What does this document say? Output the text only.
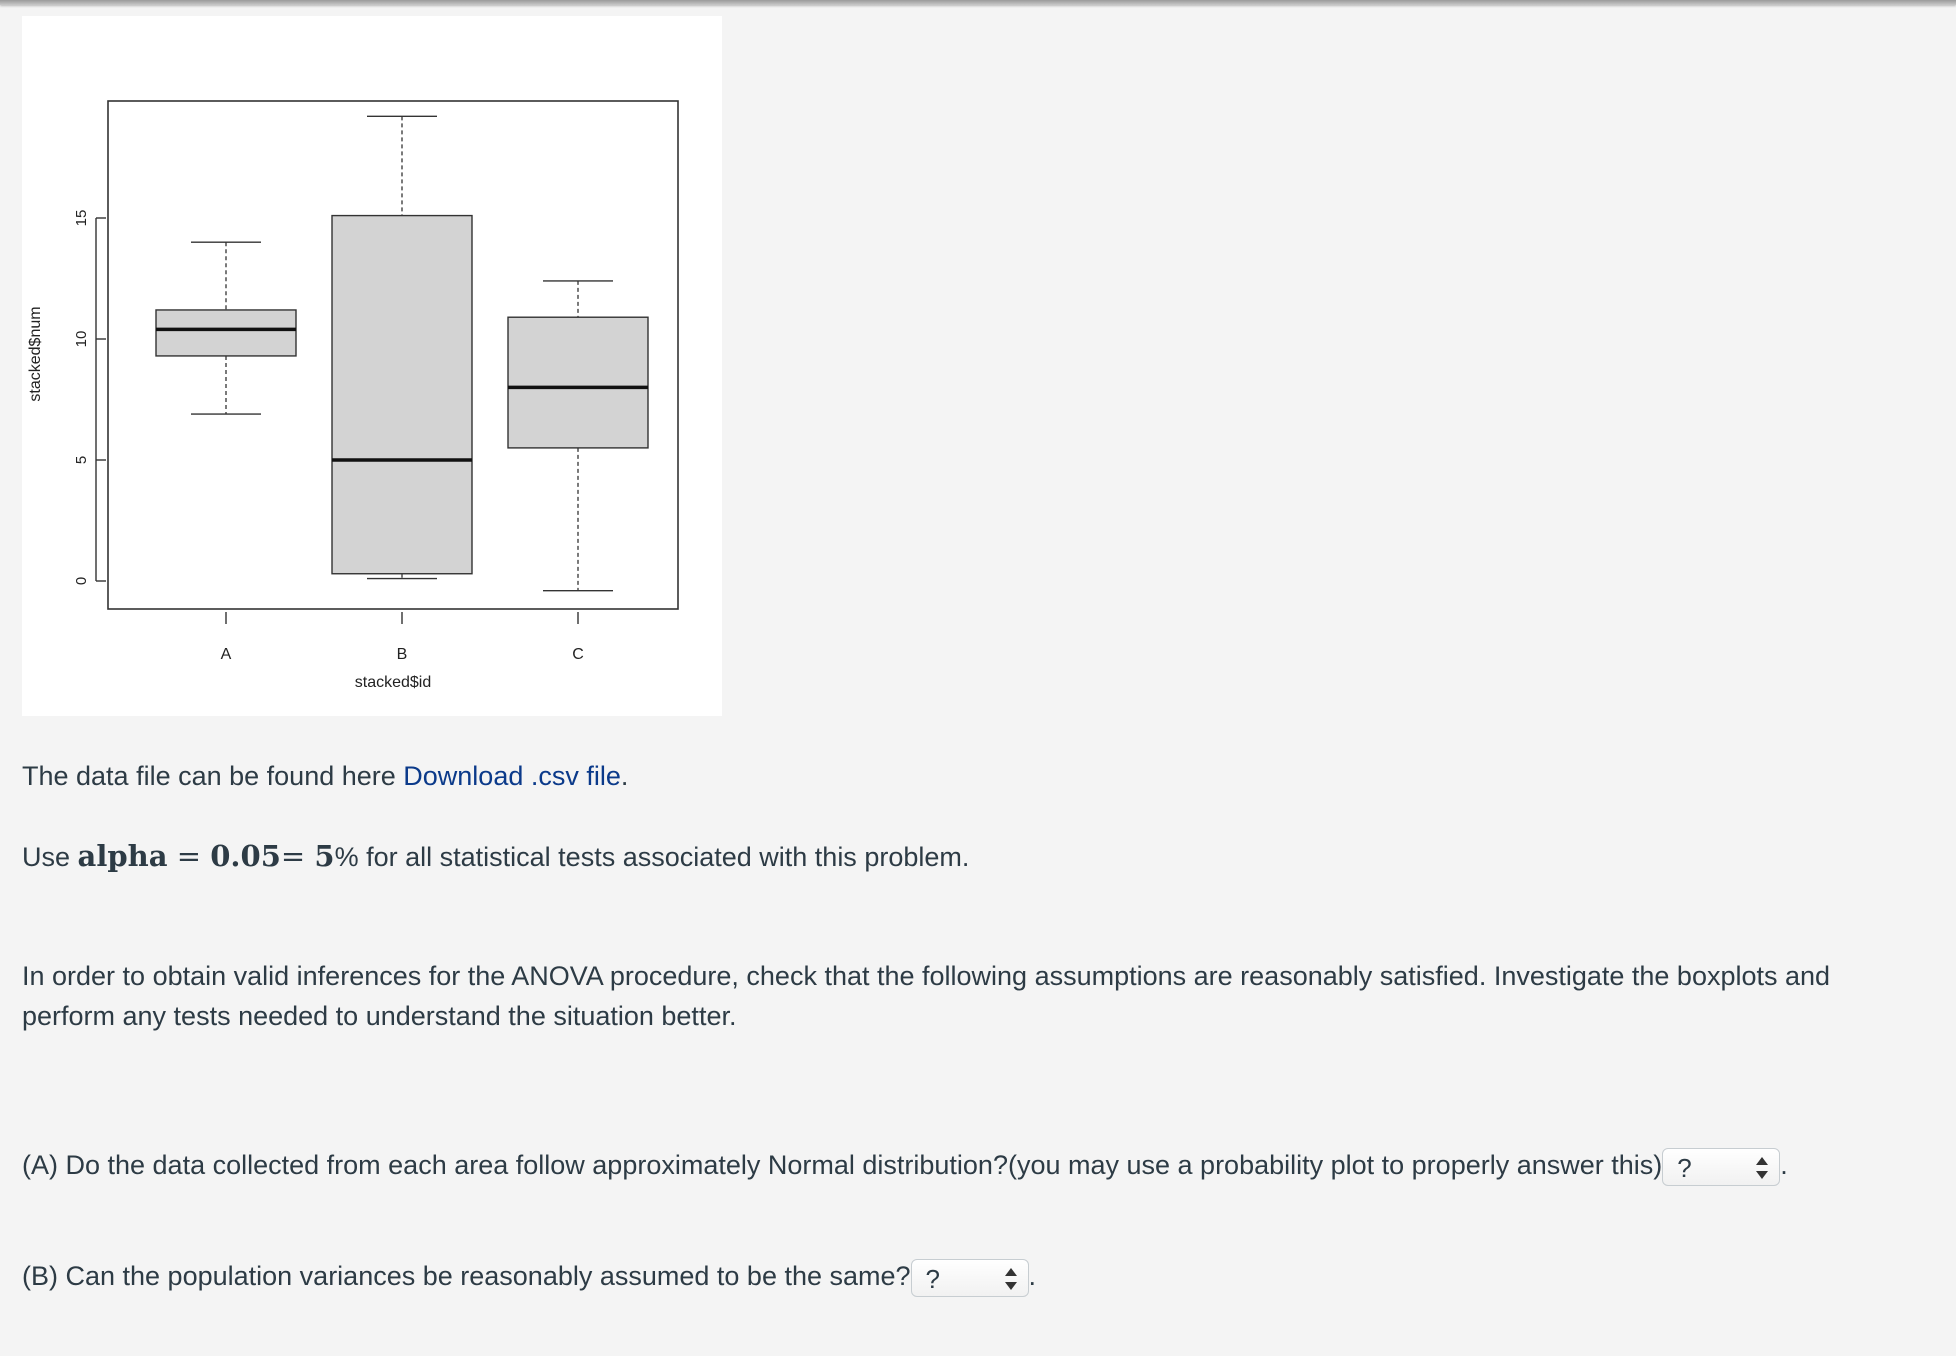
0
5
10
15
A	B	C
stacked$num
stacked$id

The data file can be found here Download .csv file.

Use alpha = 0.05= 5% for all statistical tests associated with this problem.

In order to obtain valid inferences for the ANOVA procedure, check that the following assumptions are reasonably satisfied. Investigate the boxplots and perform any tests needed to understand the situation better.

(A) Do the data collected from each area follow approximately Normal distribution?(you may use a probability plot to properly answer this) ?	.

(B) Can the population variances be reasonably assumed to be the same? ?	.
